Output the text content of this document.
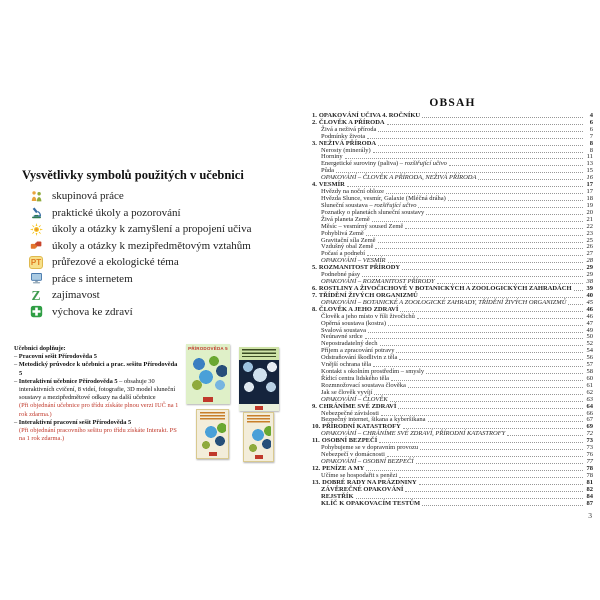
Vysvětlivky symbolů použitých v učebnici
skupinová práce
praktické úkoly a pozorování
úkoly a otázky k zamyšlení a propojení učiva
úkoly a otázky k mezipředmětovým vztahům
PT průřezové a ekologické téma
práce s internetem
Z zajímavost
výchova ke zdraví
Učebnici doplňuje:
– Pracovní sešit Přírodověda 5
– Metodický průvodce k učebnici a prac. sešitu Přírodověda 5
– Interaktivní učebnice Přírodověda 5 – obsahuje 30 interaktivních cvičení, 8 videí, fotografie, 3D model sluneční soustavy a mezipředmětové odkazy na další učebnice
(Při objednání učebnice pro třídu získáte plnou verzi IUČ na 1 rok zdarma.)
– Interaktivní pracovní sešit Přírodověda 5
(Při objednání pracovního sešitu pro třídu získáte Interakt. PS na 1 rok zdarma.)
PŘÍRODOVĚDA 5
OBSAH
1. OPAKOVÁNÍ UČIVA 4. ROČNÍKU	4
2. ČLOVĚK A PŘÍRODA	6
Živá a neživá příroda	6
Podmínky života	7
3. NEŽIVÁ PŘÍRODA	8
Nerosty (minerály)	8
Horniny	11
Energetické suroviny (paliva) – rozšiřující učivo	13
Půda	15
OPAKOVÁNÍ – ČLOVĚK A PŘÍRODA, NEŽIVÁ PŘÍRODA	16
4. VESMÍR	17
Hvězdy na noční obloze	17
Hvězda Slunce, vesmír, Galaxie (Mléčná dráha)	18
Sluneční soustava – rozšiřující učivo	19
Poznatky o planetách sluneční soustavy	20
Živá planeta Země	21
Měsíc – vesmírný soused Země	22
Pohyblivá Země	23
Gravitační síla Země	25
Vzdušný obal Země	26
Počasí a podnebí	27
OPAKOVÁNÍ – VESMÍR	28
5. ROZMANITOST PŘÍRODY	29
Podnebné pásy	29
OPAKOVÁNÍ – ROZMANITOST PŘÍRODY	38
6. ROSTLINY A ŽIVOČICHOVÉ V BOTANICKÝCH A ZOOLOGICKÝCH ZAHRADÁCH	39
7. TŘÍDĚNÍ ŽIVÝCH ORGANIZMŮ	40
OPAKOVÁNÍ – BOTANICKÉ A ZOOLOGICKÉ ZAHRADY, TŘÍDĚNÍ ŽIVÝCH ORGANIZMŮ	45
8. ČLOVĚK A JEHO ZDRAVÍ	46
Člověk a jeho místo v říši živočichů	46
Opěrná soustava (kostra)	47
Svalová soustava	49
Neúnavné srdce	50
Nepostradatelný dech	52
Příjem a zpracování potravy	54
Odstraňování škodlivin z těla	56
Vnější ochrana těla	57
Kontakt s okolním prostředím – smysly	58
Řídicí centra lidského těla	60
Rozmnožovací soustava člověka	61
Jak se člověk vyvíjí	62
OPAKOVÁNÍ – ČLOVĚK	63
9. CHRÁNÍME SVÉ ZDRAVÍ	64
Nebezpečné závislosti	66
Bezpečný internet, šikana a kyberšikana	67
10. PŘÍRODNÍ KATASTROFY	69
OPAKOVÁNÍ – CHRÁNÍME SVÉ ZDRAVÍ, PŘÍRODNÍ KATASTROFY	72
11. OSOBNÍ BEZPEČÍ	73
Pohybujeme se v dopravním provozu	73
Nebezpečí v domácnosti	76
OPAKOVÁNÍ – OSOBNÍ BEZPEČÍ	77
12. PENÍZE A MY	78
Učíme se hospodařit s penězi	78
13. DOBRÉ RADY NA PRÁZDNINY	81
ZÁVĚREČNÉ OPAKOVÁNÍ	82
REJSTŘÍK	84
KLÍČ K OPAKOVACÍM TESTŮM	87
3
